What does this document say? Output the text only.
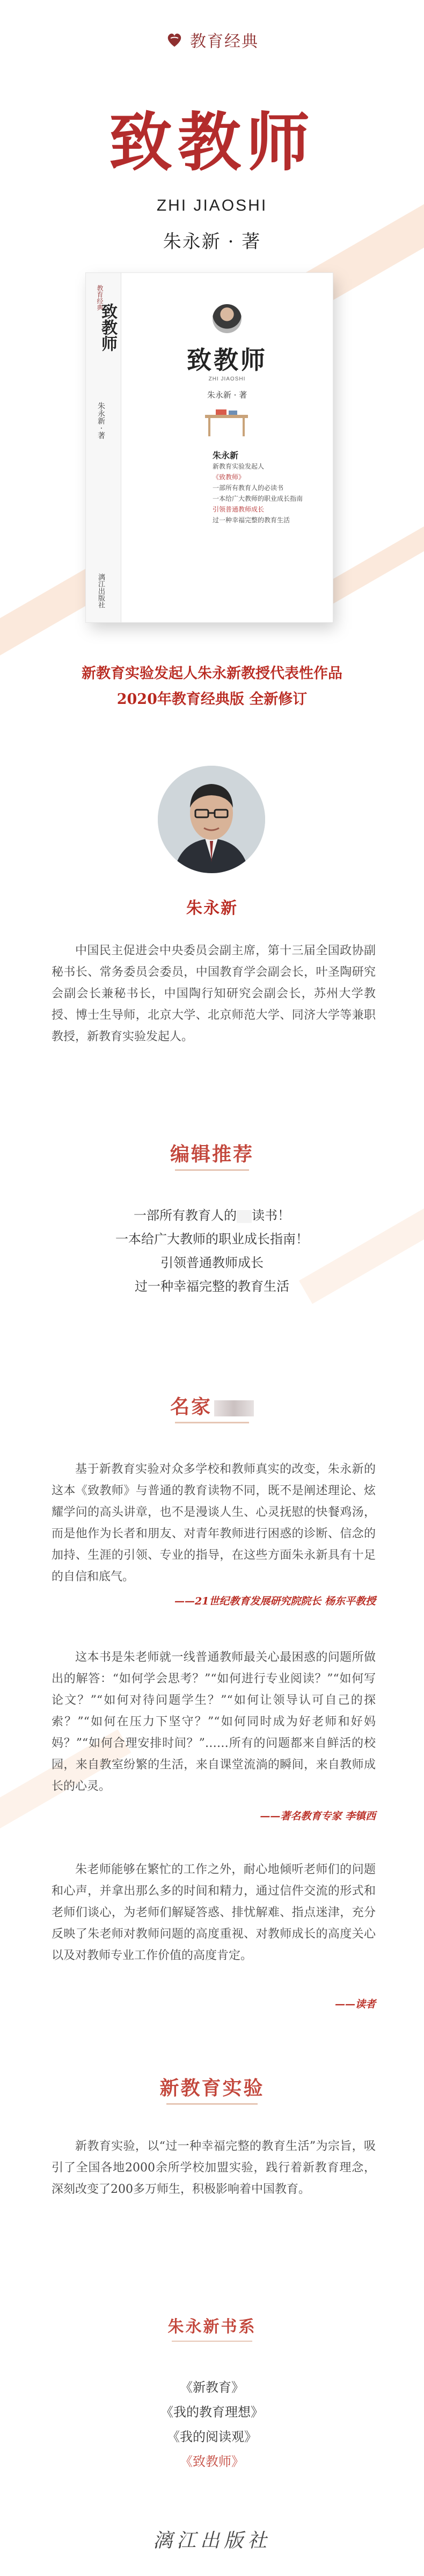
教育经典
致教师
ZHI JIAOSHI
朱永新 · 著
教育经典
致教师
朱永新 · 著
漓江出版社
致教师
ZHI JIAOSHI
朱永新 · 著
朱永新
新教育实验发起人
《致教师》
一部所有教育人的必读书
一本给广大教师的职业成长指南
引领普通教师成长
过一种幸福完整的教育生活
新教育实验发起人朱永新教授代表性作品
2020年教育经典版 全新修订
朱永新
中国民主促进会中央委员会副主席，第十三届全国政协副秘书长、常务委员会委员，中国教育学会副会长，叶圣陶研究会副会长兼秘书长，中国陶行知研究会副会长，苏州大学教授、博士生导师，北京大学、北京师范大学、同济大学等兼职教授，新教育实验发起人。
编辑推荐
一部所有教育人的 读书！
一本给广大教师的职业成长指南！
引领普通教师成长
过一种幸福完整的教育生活
名家
基于新教育实验对众多学校和教师真实的改变，朱永新的这本《致教师》与普通的教育读物不同，既不是阐述理论、炫耀学问的高头讲章，也不是漫谈人生、心灵抚慰的快餐鸡汤，而是他作为长者和朋友、对青年教师进行困惑的诊断、信念的加持、生涯的引领、专业的指导，在这些方面朱永新具有十足的自信和底气。
——21世纪教育发展研究院院长 杨东平教授
这本书是朱老师就一线普通教师最关心最困惑的问题所做出的解答：“如何学会思考？”“如何进行专业阅读？”“如何写论文？”“如何对待问题学生？”“如何让领导认可自己的探索？”“如何在压力下坚守？”“如何同时成为好老师和好妈妈？”“如何合理安排时间？”……所有的问题都来自鲜活的校园，来自教室纷繁的生活，来自课堂流淌的瞬间，来自教师成长的心灵。
——著名教育专家 李镇西
朱老师能够在繁忙的工作之外，耐心地倾听老师们的问题和心声，并拿出那么多的时间和精力，通过信件交流的形式和老师们谈心，为老师们解疑答惑、排忧解难、指点迷津，充分反映了朱老师对教师问题的高度重视、对教师成长的高度关心以及对教师专业工作价值的高度肯定。
——读者
新教育实验
新教育实验，以“过一种幸福完整的教育生活”为宗旨，吸引了全国各地2000余所学校加盟实验，践行着新教育理念，深刻改变了200多万师生，积极影响着中国教育。
朱永新书系
《新教育》
《我的教育理想》
《我的阅读观》
《致教师》
漓江出版社
